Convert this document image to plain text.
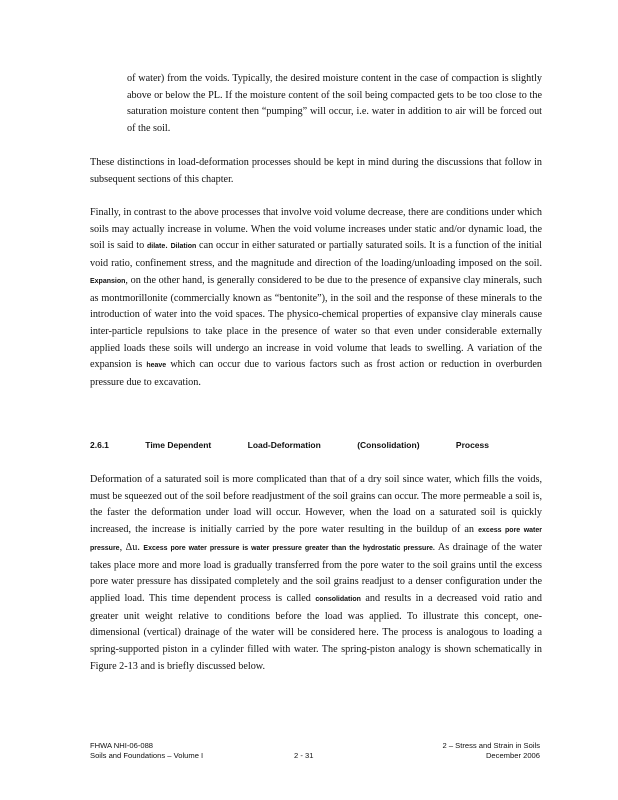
of water) from the voids. Typically, the desired moisture content in the case of compaction is slightly above or below the PL. If the moisture content of the soil being compacted gets to be too close to the saturation moisture content then “pumping” will occur, i.e. water in addition to air will be forced out of the soil.

These distinctions in load-deformation processes should be kept in mind during the discussions that follow in subsequent sections of this chapter.

Finally, in contrast to the above processes that involve void volume decrease, there are conditions under which soils may actually increase in volume. When the void volume increases under static and/or dynamic load, the soil is said to dilate. Dilation can occur in either saturated or partially saturated soils. It is a function of the initial void ratio, confinement stress, and the magnitude and direction of the loading/unloading imposed on the soil. Expansion, on the other hand, is generally considered to be due to the presence of expansive clay minerals, such as montmorillonite (commercially known as “bentonite”), in the soil and the response of these minerals to the introduction of water into the void spaces. The physico-chemical properties of expansive clay minerals cause inter-particle repulsions to take place in the presence of water so that even under considerable externally applied loads these soils will undergo an increase in void volume that leads to swelling. A variation of the expansion is heave which can occur due to various factors such as frost action or reduction in overburden pressure due to excavation.

2.6.1	Time Dependent	Load-Deformation	(Consolidation)	Process

Deformation of a saturated soil is more complicated than that of a dry soil since water, which fills the voids, must be squeezed out of the soil before readjustment of the soil grains can occur. The more permeable a soil is, the faster the deformation under load will occur. However, when the load on a saturated soil is quickly increased, the increase is initially carried by the pore water resulting in the buildup of an excess pore water pressure, Δu. Excess pore water pressure is water pressure greater than the hydrostatic pressure. As drainage of the water takes place more and more load is gradually transferred from the pore water to the soil grains until the excess pore water pressure has dissipated completely and the soil grains readjust to a denser configuration under the applied load. This time dependent process is called consolidation and results in a decreased void ratio and greater unit weight relative to conditions before the load was applied. To illustrate this concept, one-dimensional (vertical) drainage of the water will be considered here. The process is analogous to loading a spring-supported piston in a cylinder filled with water. The spring-piston analogy is shown schematically in Figure 2-13 and is briefly discussed below.

FHWA NHI-06-088
Soils and Foundations – Volume I	2 - 31
2 – Stress and Strain in Soils
December 2006
